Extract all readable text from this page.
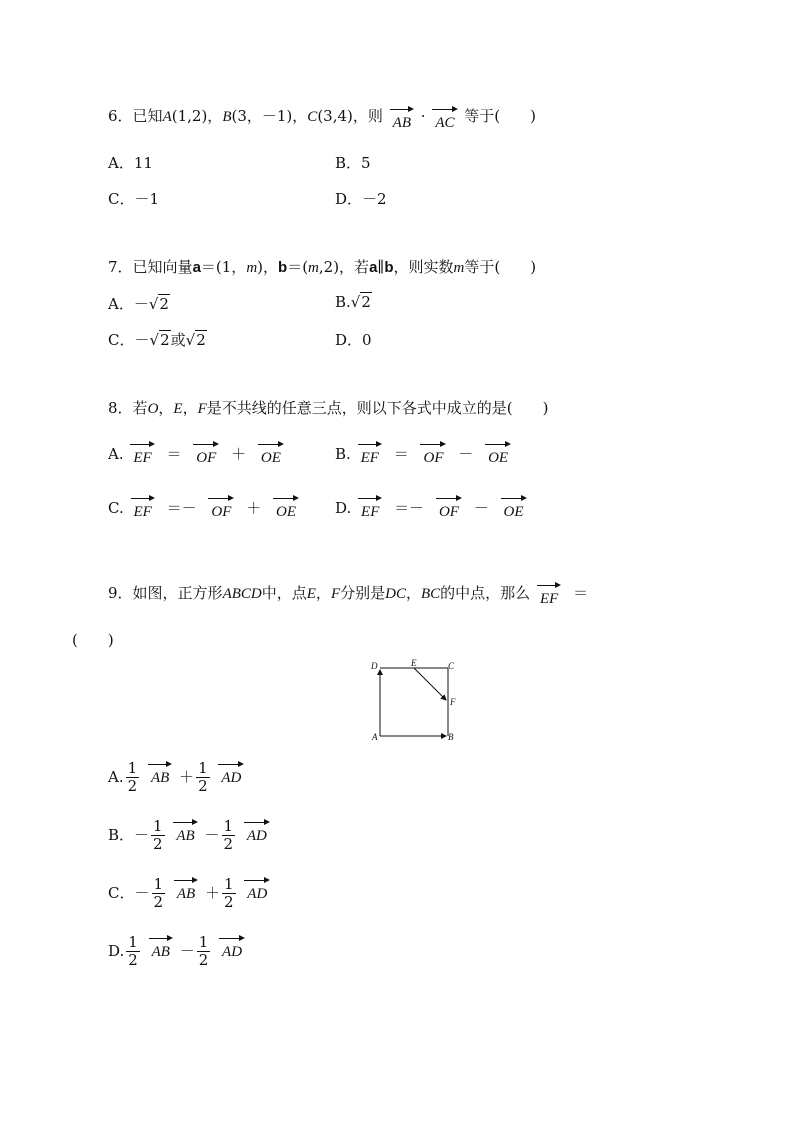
6．已知A(1,2)，B(3，－1)，C(3,4)，则 AB · AC 等于(　　)
A．11	B．5
C．－1	D．－2
7．已知向量a＝(1，m)，b＝(m,2)，若a∥b，则实数m等于(　　)
A．－√2	B.√2
C．－√2或√2	D．0
8．若O，E，F是不共线的任意三点，则以下各式中成立的是(　　)
A. EF ＝ OF ＋ OE	B. EF ＝ OF － OE
C. EF ＝－ OF ＋ OE	D. EF ＝－ OF － OE
9．如图，正方形ABCD中，点E，F分别是DC，BC的中点，那么 EF ＝
(　　)
D	E	C
F
A	B
A. $\frac{1}{2}$
AB ＋ $\frac{1}{2}$
AD
B．－ $\frac{1}{2}$
AB － $\frac{1}{2}$
AD
C．－ $\frac{1}{2}$
AB ＋ $\frac{1}{2}$
AD
D. $\frac{1}{2}$
AB － $\frac{1}{2}$
AD
